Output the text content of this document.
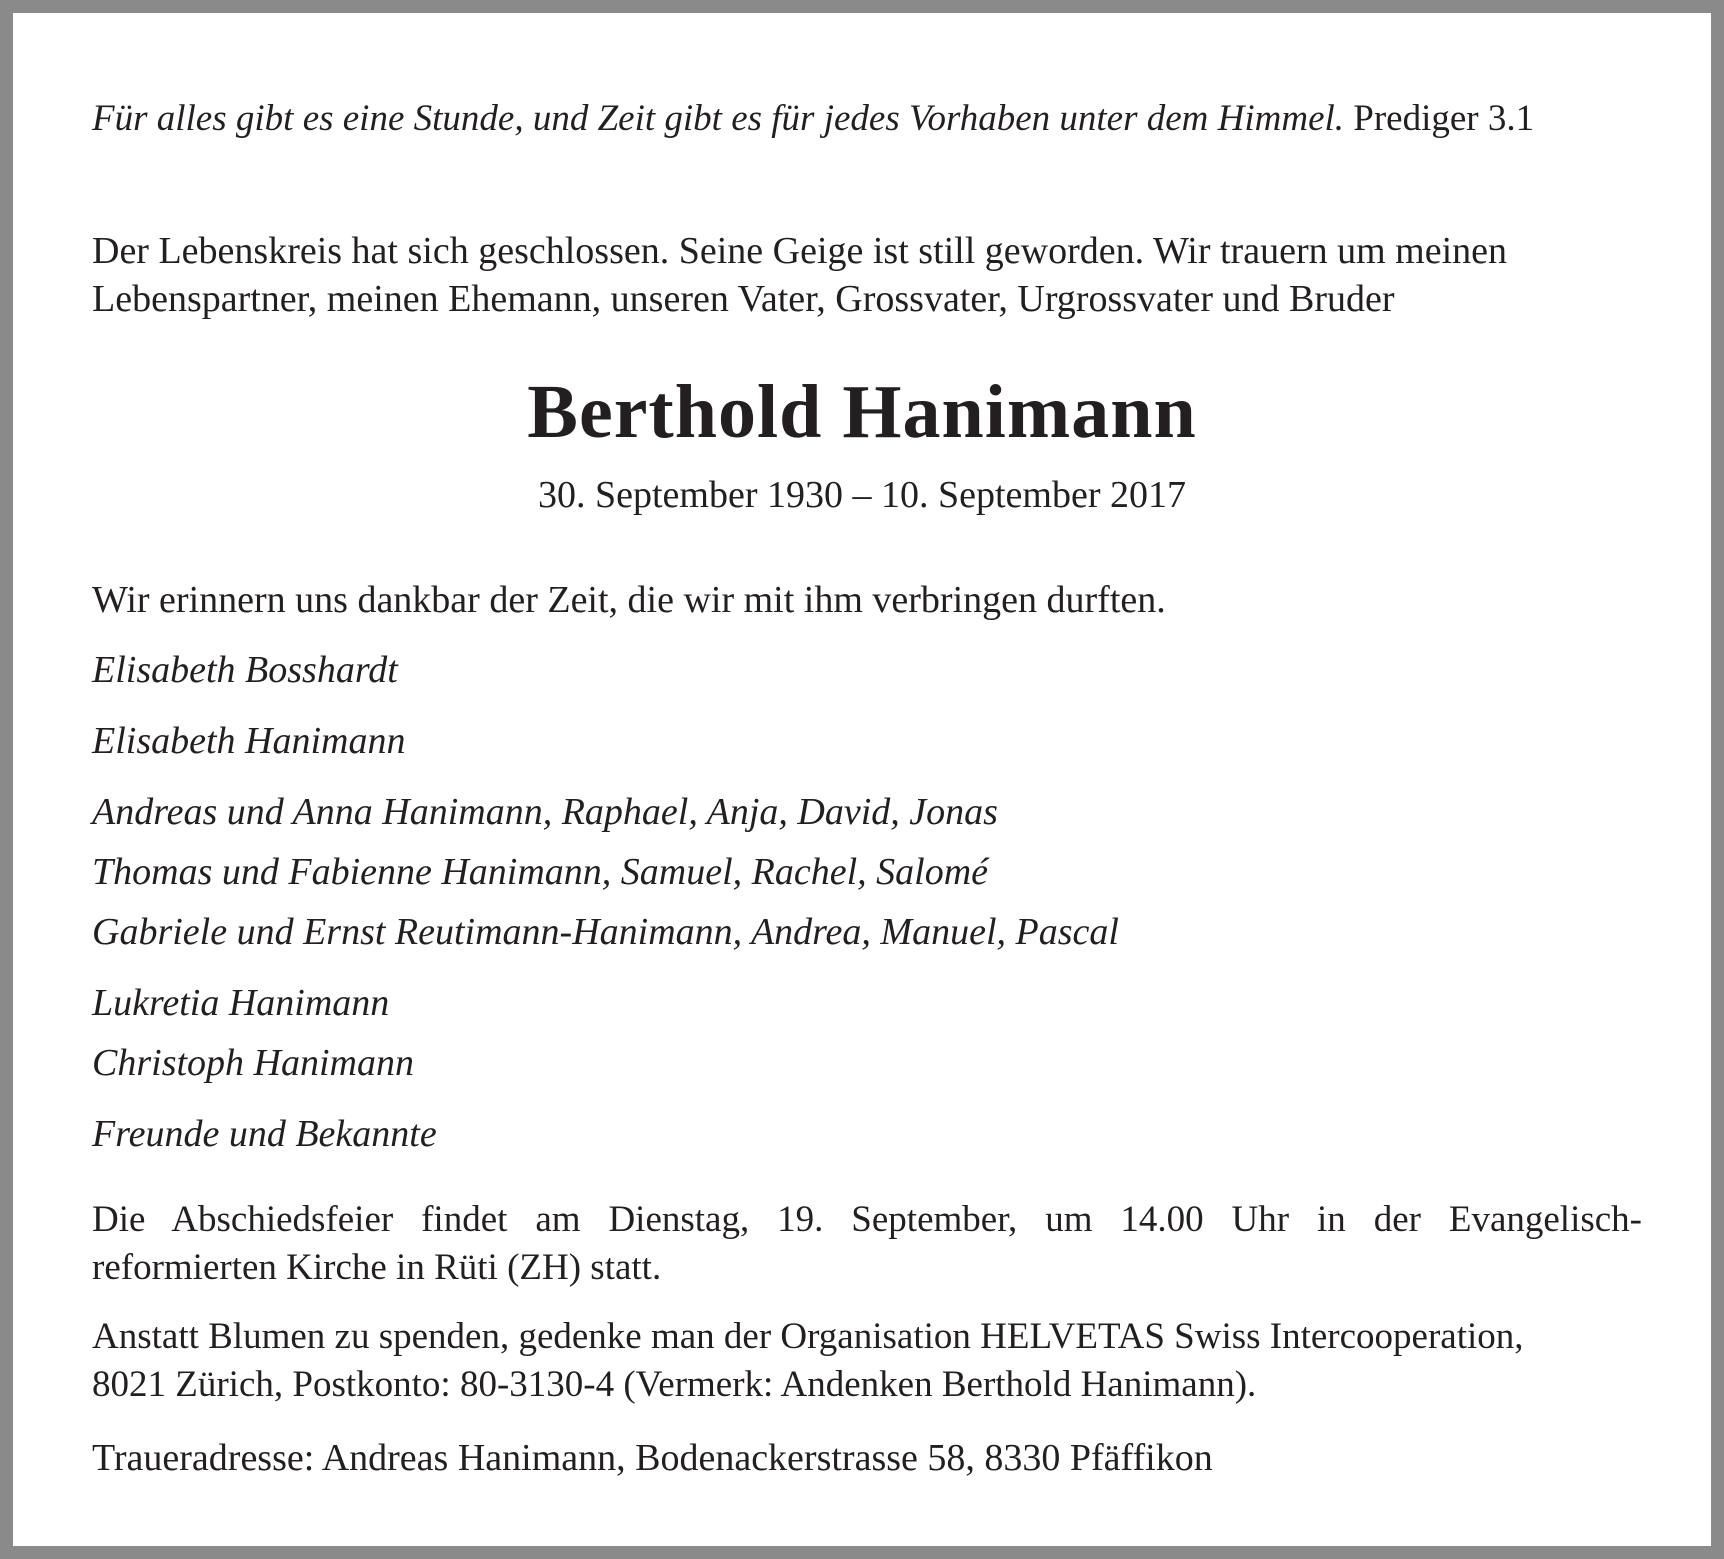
Für alles gibt es eine Stunde, und Zeit gibt es für jedes Vorhaben unter dem Himmel. Prediger 3.1

Der Lebenskreis hat sich geschlossen. Seine Geige ist still geworden. Wir trauern um meinen
Lebenspartner, meinen Ehemann, unseren Vater, Grossvater, Urgrossvater und Bruder

Berthold Hanimann

30. September 1930 – 10. September 2017

Wir erinnern uns dankbar der Zeit, die wir mit ihm verbringen durften.

Elisabeth Bosshardt

Elisabeth Hanimann

Andreas und Anna Hanimann, Raphael, Anja, David, Jonas

Thomas und Fabienne Hanimann, Samuel, Rachel, Salomé

Gabriele und Ernst Reutimann-Hanimann, Andrea, Manuel, Pascal

Lukretia Hanimann

Christoph Hanimann

Freunde und Bekannte

Die Abschiedsfeier findet am Dienstag, 19. September, um 14.00 Uhr in der Evangelisch-
reformierten Kirche in Rüti (ZH) statt.

Anstatt Blumen zu spenden, gedenke man der Organisation HELVETAS Swiss Intercooperation,
8021 Zürich, Postkonto: 80-3130-4 (Vermerk: Andenken Berthold Hanimann).

Traueradresse: Andreas Hanimann, Bodenackerstrasse 58, 8330 Pfäffikon
